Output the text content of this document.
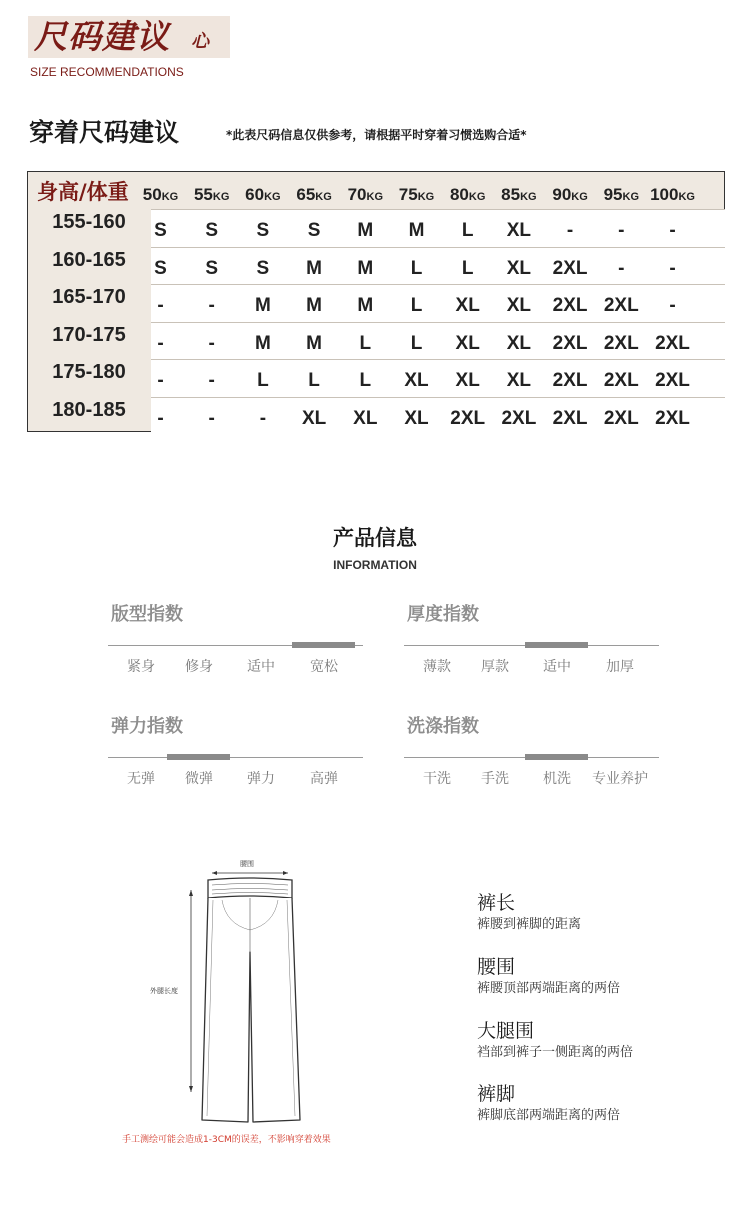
尺码建议 心
SIZE RECOMMENDATIONS
穿着尺码建议	*此表尺码信息仅供参考，请根据平时穿着习惯选购合适*
身高/体重 50KG 55KG 60KG 65KG 70KG 75KG 80KG 85KG 90KG 95KG 100KG
155-160	S	S	S	S	M	M	L	XL	-	-	-
160-165	S	S	S	M	M	L	L	XL	2XL	-	-
165-170	-	-	M	M	M	L	XL	XL	2XL 2XL	-
170-175	-	-	M	M	L	L	XL	XL	2XL 2XL 2XL
175-180	-	-	L	L	L	XL	XL	XL	2XL 2XL 2XL
180-185	-	-	-	XL	XL	XL	2XL 2XL 2XL 2XL 2XL
产品信息
INFORMATION
版型指数
紧身	修身	适中	宽松
厚度指数
薄款	厚款	适中	加厚
弹力指数
无弹	微弹	弹力	高弹
洗涤指数
干洗	手洗	机洗	专业养护
腰围
外腿长度
手工测绘可能会造成1-3CM的误差，不影响穿着效果
裤长
裤腰到裤脚的距离
腰围
裤腰顶部两端距离的两倍
大腿围
裆部到裤子一侧距离的两倍
裤脚
裤脚底部两端距离的两倍
